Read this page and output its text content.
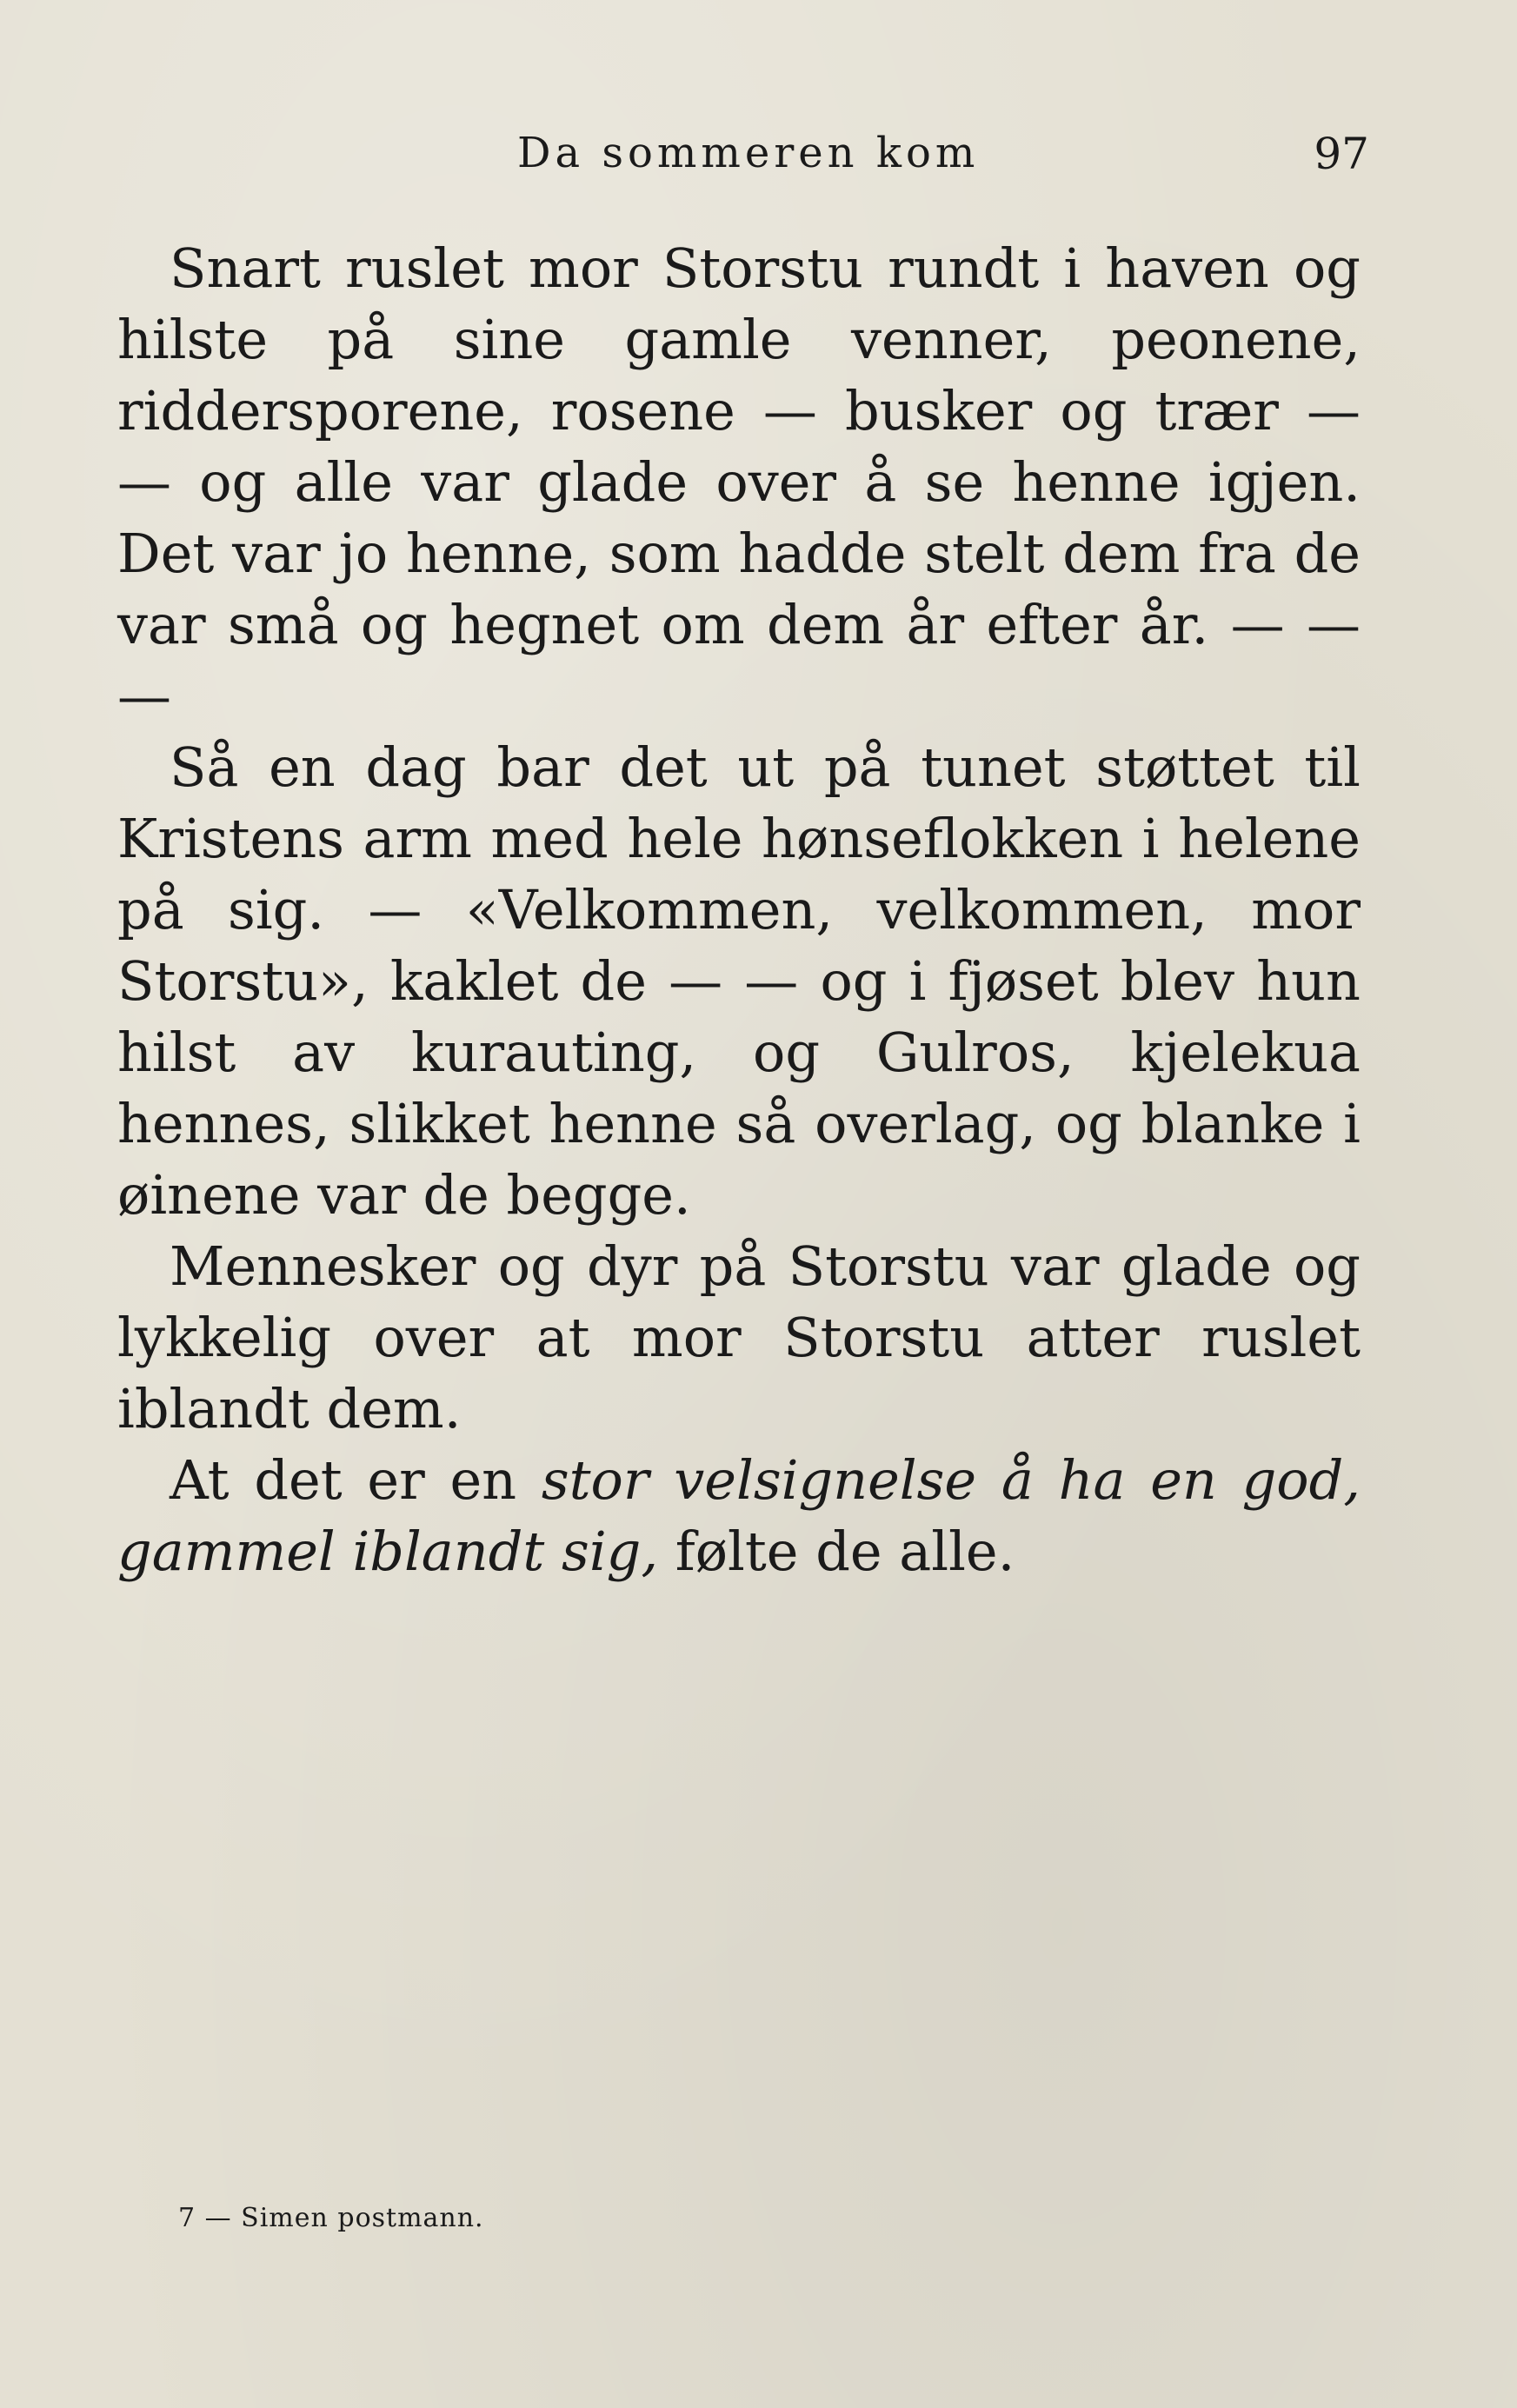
Da sommeren kom	97

Snart ruslet mor Storstu rundt i haven og hilste på sine gamle venner, peonene, riddersporene, rosene — busker og trær — — og alle var glade over å se henne igjen. Det var jo henne, som hadde stelt dem fra de var små og hegnet om dem år efter år. — — —

Så en dag bar det ut på tunet støttet til Kristens arm med hele hønseflokken i helene på sig. — «Velkommen, velkommen, mor Storstu», kaklet de — — og i fjøset blev hun hilst av kurauting, og Gulros, kjelekua hennes, slikket henne så overlag, og blanke i øinene var de begge.

Mennesker og dyr på Storstu var glade og lykkelig over at mor Storstu atter ruslet iblandt dem.

At det er en stor velsignelse å ha en god, gammel iblandt sig, følte de alle.

7 — Simen postmann.
